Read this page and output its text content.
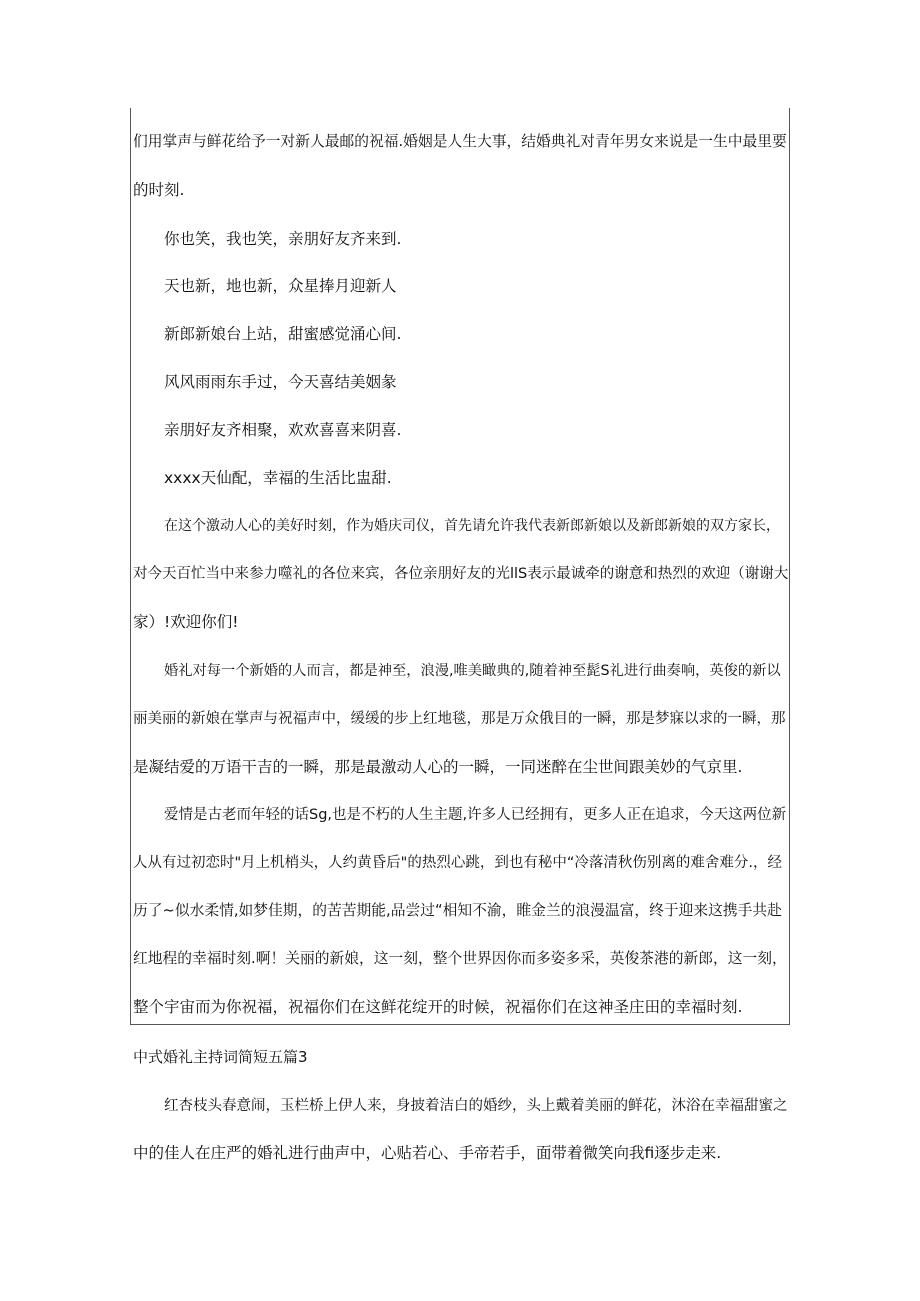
们用掌声与鲜花给予一对新人最邮的祝福.婚姻是人生大事，结婚典礼对青年男女来说是一生中最里要
的时刻.
你也笑，我也笑，亲朋好友齐来到.
天也新，地也新，众星捧月迎新人
新郎新娘台上站，甜蜜感觉涌心间.
风风雨雨东手过，今天喜结美姻彖
亲朋好友齐相聚，欢欢喜喜来阴喜.
xxxx天仙配，幸福的生活比盅甜.
在这个激动人心的美好时刻，作为婚庆司仪，首先请允许我代表新郎新娘以及新郎新娘的双方家长，
对今天百忙当中来参力噬礼的各位来宾，各位亲朋好友的光llS表示最诚牵的谢意和热烈的欢迎（谢谢大
家）!欢迎你们!
婚礼对每一个新婚的人而言，都是神至，浪漫,唯美瞰典的,随着神至髭S礼进行曲奏响，英俊的新以
丽美丽的新娘在掌声与祝福声中，缓缓的步上红地毯，那是万众俄目的一瞬，那是梦寐以求的一瞬，那
是凝结爱的万语干吉的一瞬，那是最激动人心的一瞬，一同迷醉在尘世间跟美妙的气京里.
爱情是古老而年轻的话Sg,也是不朽的人生主题,许多人已经拥有，更多人正在追求，今天这两位新
人从有过初恋时"月上机梢头，人约黄昏后"的热烈心跳，到也有秘中“冷落清秋伤别离的难舍难分.，经
历了~似水柔情,如梦佳期，的苦苦期能,品尝过“相知不渝，睢金兰的浪漫温富，终于迎来这携手共赴
红地程的幸福时刻.啊！关丽的新娘，这一刻，整个世界因你而多姿多采，英俊茶港的新郎，这一刻，
整个宇宙而为你祝福，祝福你们在这鲜花绽开的时候，祝福你们在这神圣庄田的幸福时刻.
中式婚礼主持词简短五篇3
红杏枝头春意闹，玉栏桥上伊人来，身披着洁白的婚纱，头上戴着美丽的鲜花，沐浴在幸福甜蜜之
中的佳人在庄严的婚礼进行曲声中，心贴若心、手帝若手，面带着微笑向我fi逐步走来.
